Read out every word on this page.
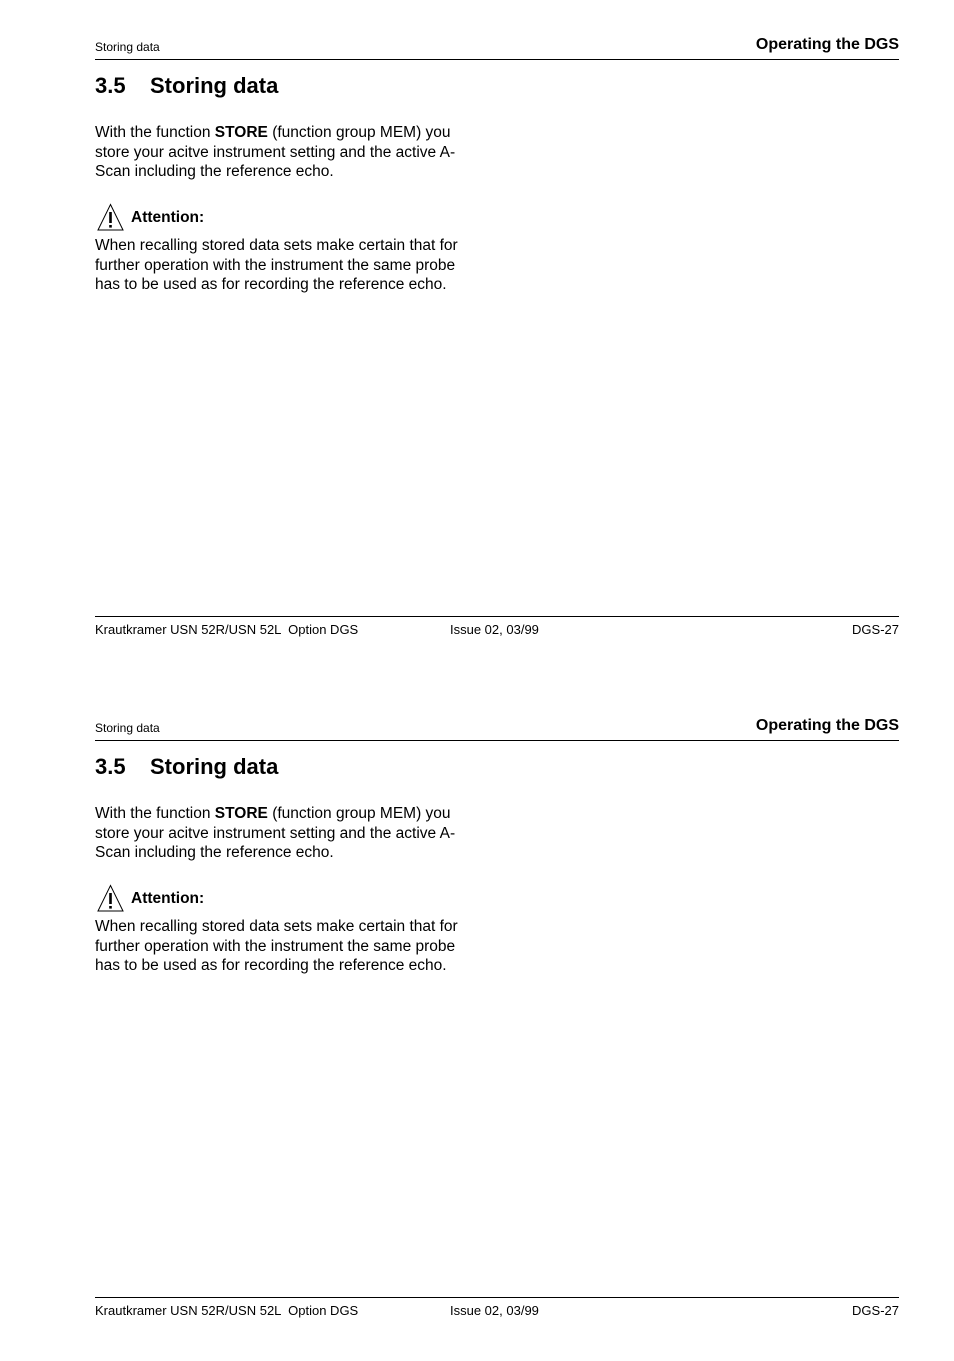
Storing data	Operating the DGS
3.5 Storing data
With the function STORE (function group MEM) you store your acitve instrument setting and the active A-Scan including the reference echo.
Attention:
When recalling stored data sets make certain that for further operation with the instrument the same probe has to be used as for recording the reference echo.
Krautkramer USN 52R/USN 52L  Option DGS	Issue 02, 03/99	DGS-27
Storing data	Operating the DGS
3.5 Storing data
With the function STORE (function group MEM) you store your acitve instrument setting and the active A-Scan including the reference echo.
Attention:
When recalling stored data sets make certain that for further operation with the instrument the same probe has to be used as for recording the reference echo.
Krautkramer USN 52R/USN 52L  Option DGS	Issue 02, 03/99	DGS-27
